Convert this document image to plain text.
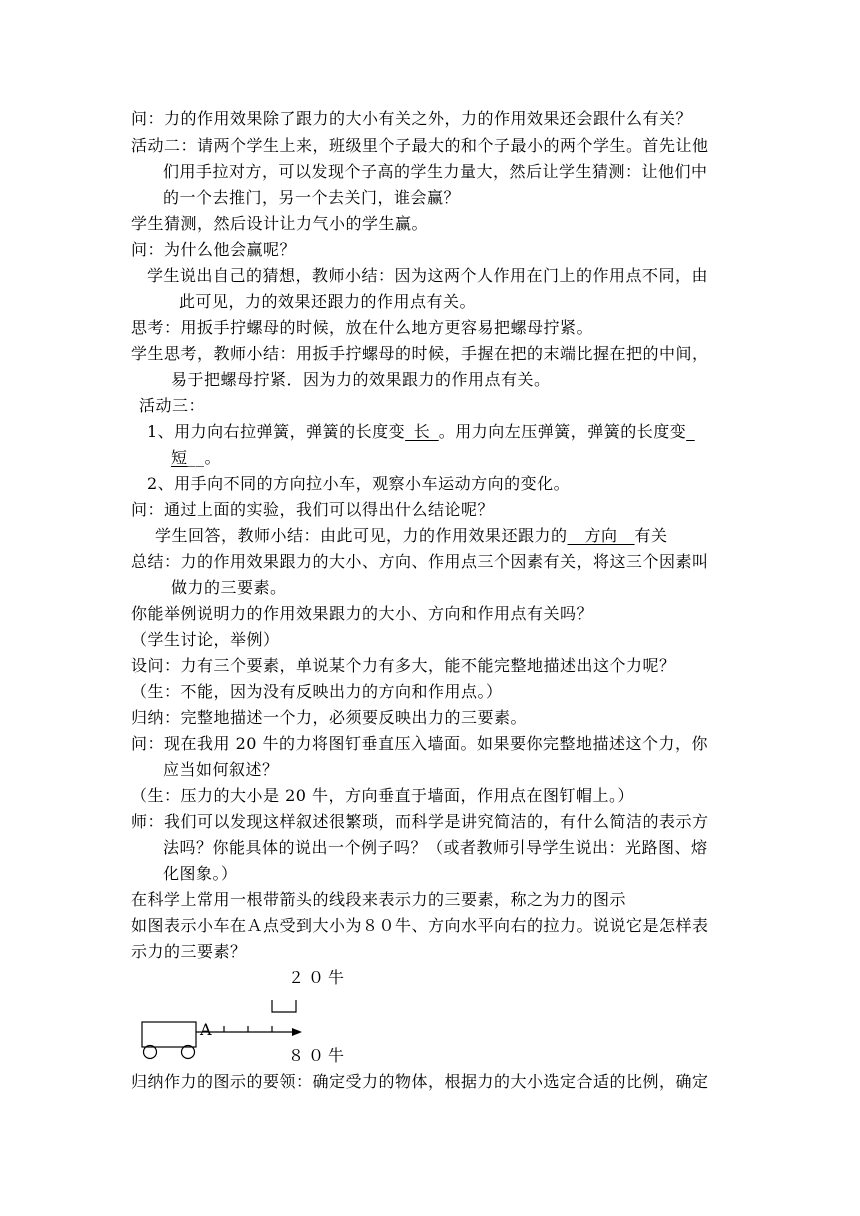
问：力的作用效果除了跟力的大小有关之外，力的作用效果还会跟什么有关？
活动二：请两个学生上来，班级里个子最大的和个子最小的两个学生。首先让他
们用手拉对方，可以发现个子高的学生力量大，然后让学生猜测：让他们中
的一个去推门，另一个去关门，谁会赢？
学生猜测，然后设计让力气小的学生赢。
问：为什么他会赢呢？
学生说出自己的猜想，教师小结：因为这两个人作用在门上的作用点不同，由
此可见，力的效果还跟力的作用点有关。
思考：用扳手拧螺母的时候，放在什么地方更容易把螺母拧紧。
学生思考，教师小结：用扳手拧螺母的时候，手握在把的末端比握在把的中间，
易于把螺母拧紧．因为力的效果跟力的作用点有关。
活动三：
1、用力向右拉弹簧，弹簧的长度变_长_。用力向左压弹簧，弹簧的长度变_
短__。
2、用手向不同的方向拉小车，观察小车运动方向的变化。
问：通过上面的实验，我们可以得出什么结论呢？
学生回答，教师小结：由此可见，力的作用效果还跟力的__方向__有关
总结：力的作用效果跟力的大小、方向、作用点三个因素有关，将这三个因素叫
做力的三要素。
你能举例说明力的作用效果跟力的大小、方向和作用点有关吗？
（学生讨论，举例）
设问：力有三个要素，单说某个力有多大，能不能完整地描述出这个力呢？
（生：不能，因为没有反映出力的方向和作用点。）
归纳：完整地描述一个力，必须要反映出力的三要素。
问：现在我用 20 牛的力将图钉垂直压入墙面。如果要你完整地描述这个力，你
应当如何叙述？
（生：压力的大小是 20 牛，方向垂直于墙面，作用点在图钉帽上。）
师：我们可以发现这样叙述很繁琐，而科学是讲究简洁的，有什么简洁的表示方
法吗？你能具体的说出一个例子吗？（或者教师引导学生说出：光路图、熔
化图象。）
在科学上常用一根带箭头的线段来表示力的三要素，称之为力的图示
如图表示小车在Ａ点受到大小为８０牛、方向水平向右的拉力。说说它是怎样表
示力的三要素？
２０牛
A
８０牛
归纳作力的图示的要领：确定受力的物体，根据力的大小选定合适的比例，确定
